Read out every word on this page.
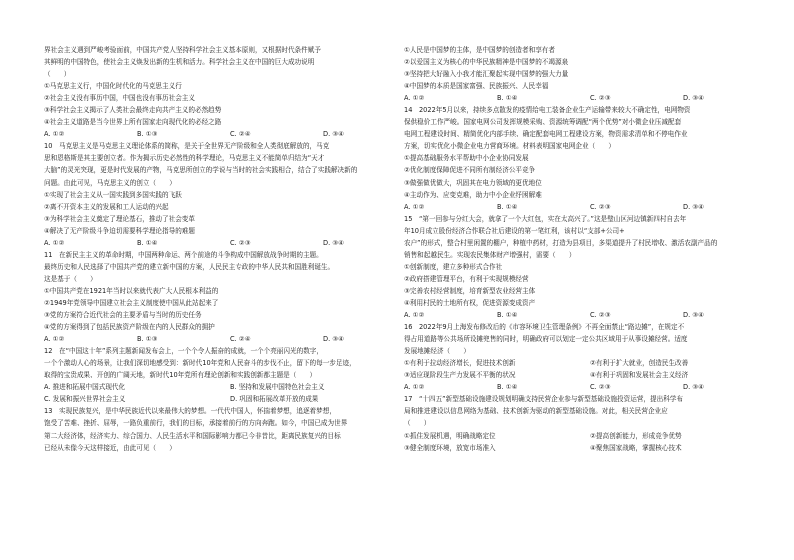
界社会主义遇到严峻考验面前，中国共产党人坚持科学社会主义基本原则，又根据时代条件赋予
其鲜明的中国特色，使社会主义焕发出新的生机和活力。科学社会主义在中国的巨大成功说明
（　　）
①马克思主义行，中国化时代化的马克思主义行
②社会主义没有事历中国，中国也没有事历社会主义
③科学社会主义揭示了人类社会最终走向共产主义的必然趋势
④社会主义道路是当今世界上所有国家走向现代化的必经之路
A. ①②	B. ①③	C. ②④	D. ③④
10　马克思主义是马克思主义理论体系的简称，是关于全世界无产阶级和全人类彻底解放的，马克
思和恩格斯是其主要创立者。作为揭示历史必然性的科学理论，马克思主义不能简单归结为“天才
大脑”的灵光突现，更是时代发展的产物，马克思所创立的学说与当时的社会实践相合，结合了实践解决新的
问题。由此可见，马克思主义的创立（　　）
①实现了社会主义从一国实践到多国实践的飞跃
②离不开资本主义的发展和工人运动的兴起
③为科学社会主义奠定了理论基石，推动了社会变革
④解决了无产阶级斗争迫切需要科学理论指导的难题
A. ①②	B. ①④	C. ②③	D. ③④
11　在新民主主义的革命时期，中国两种命运、两个前途的斗争构成中国解放战争时期的主题。
最终历史和人民选择了中国共产党的建立新中国的方案，人民民主专政的中华人民共和国胜利诞生。
这是基于（　　）
①中国共产党在1921年当时以来就代表广大人民根本利益的
②1949年党领导中国建立社会主义制度使中国从此站起来了
③党的方案符合近代社会的主要矛盾与当时的历史任务
④党的方案得到了包括民族资产阶级在内的人民群众的拥护
A. ①②	B. ①③	C. ②④	D. ③④
12　在“中国这十年”系列主题新闻发布会上，一个个令人振奋的成就，一个个亮丽闪光的数字，
一个个激动人心的场景，让我们深切地感受到：新时代10年党和人民奋斗的步伐不止，留下的每一步足迹，
取得的宝贵成果、开创的广阔天地，新时代10年党所有理论创新和实践创新都主题是（　　）
A. 推进和拓展中国式现代化	B. 坚持和发展中国特色社会主义
C. 发展和振兴世界社会主义	D. 巩固和拓展改革开放的成果
13　实现民族复兴，是中华民族近代以来最伟大的梦想。一代代中国人，怀揣着梦想，追逐着梦想，
饱受了苦难、挫折、屈辱，一路负重前行，我们的目标，承接着前行的方向奔跑。如今，中国已成为世界
第二大经济体，经济实力、综合国力、人民生活水平和国际影响力都已今非昔比，距离民族复兴的目标
已经从未像今天这样接近，由此可见（　　）
①人民是中国梦的主体，是中国梦的创造者和享有者
②以爱国主义为核心的中华民族精神是中国梦的不竭源泉
③坚持把大好融入小我才能汇聚起实现中国梦的强大力量
④中国梦的本质是国家富强、民族振兴、人民幸福
A. ①②	B. ①④	C. ②③	D. ③④
14　2022年5月以来，持续多点散发的疫情给电工装备企业生产运输带来较大不确定性，电网物资
保供稳价工作严峻。国家电网公司发挥规模采购、资源统筹调配“两个优势”对小微企业压减配套
电网工程建设时间、精简优化内部手续、确定配套电网工程建设方案，物资需求清单和不停电作业
方案，切实优化小微企业电力营商环境。材料表明国家电网企业（　　）
①提高基础服务水平帮助中小企业协同发展
②优化制度保障促进不同所有制经济公平竞争
③做强做优做大，巩固其在电力领域的更优地位
④主动作为、应变克难，助力中小企业纾困解难
A. ①②	B. ①④	C. ②③	D. ③④
15　“第一回参与分红大会，就拿了一个大红包，实在太高兴了。”这是璧山区河边镇新四村自去年
年10月成立股份经济合作联合社后建设的第一笔红利，该村以“支部+公司+
农户”的形式，整合村里闲置的棚户，种植中药材，打造为县项目，多渠道提升了村民增收、激活农副产品的
销售和起越民生。实现农民集体财产增强村，需要（　　）
①创新制度，建立多种形式合作社
②政府搭建管理平台，有利于实现规模经营
③完善农村经营制度，培育新型农业经营主体
④利用村民的土地所有权，促进资源变成资产
A. ①②	B. ①④	C. ②③	D. ③④
16　2022年9月上海发布修改后的《市容环境卫生管理条例》不再全面禁止“路边摊”，在规定不
得占用道路等公共场所设摊兜售的同时，明确政府可以划定一定公共区域用于从事设摊经营。适度
发展地摊经济（　　）
①有利于拉动经济增长，促进技术创新	②有利于扩大就业，创造民生改善
③适应现阶段生产力发展不平衡的状况	④有利于巩固和发展社会主义经济
A. ①②	B. ①④	C. ②③	D. ③④
17　“十四五”新型基础设施建设规划明确支持民营企业参与新型基础设施投资运营，提出科学布
局和推进建设以信息网络为基础、技术创新为驱动的新型基础设施。对此，相关民营企业应
（　　）
①抓住发展机遇，明确战略定位	②提高创新能力，形成竞争优势
③健全制度环境，放宽市场准入	④聚焦国家战略，掌握核心技术
